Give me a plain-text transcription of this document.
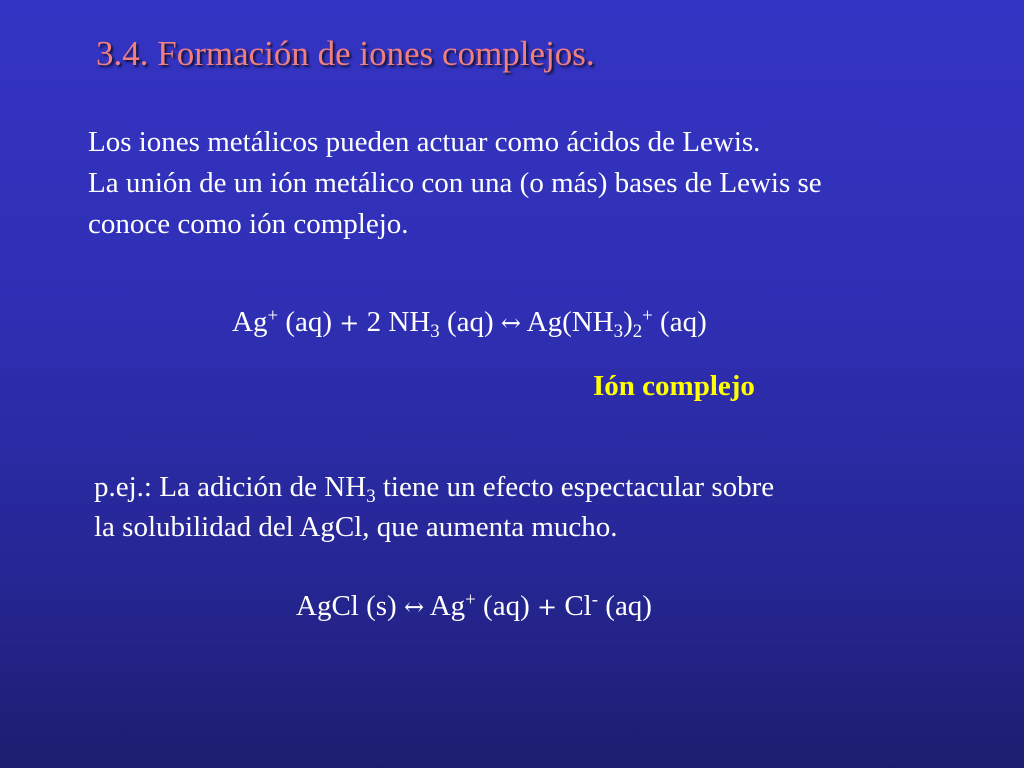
3.4. Formación de iones complejos.
Los iones metálicos pueden actuar como ácidos de Lewis.
La unión de un ión metálico con una (o más) bases de Lewis se
conoce como ión complejo.
Ag+ (aq) + 2 $NH_3$ (aq) ↔ $Ag(NH_3)_2^+$ (aq)
Ión complejo
p.ej.: La adición de $NH_3$ tiene un efecto espectacular sobre
la solubilidad del AgCl, que aumenta mucho.
AgCl (s) ↔ Ag+ (aq) + Cl- (aq)
